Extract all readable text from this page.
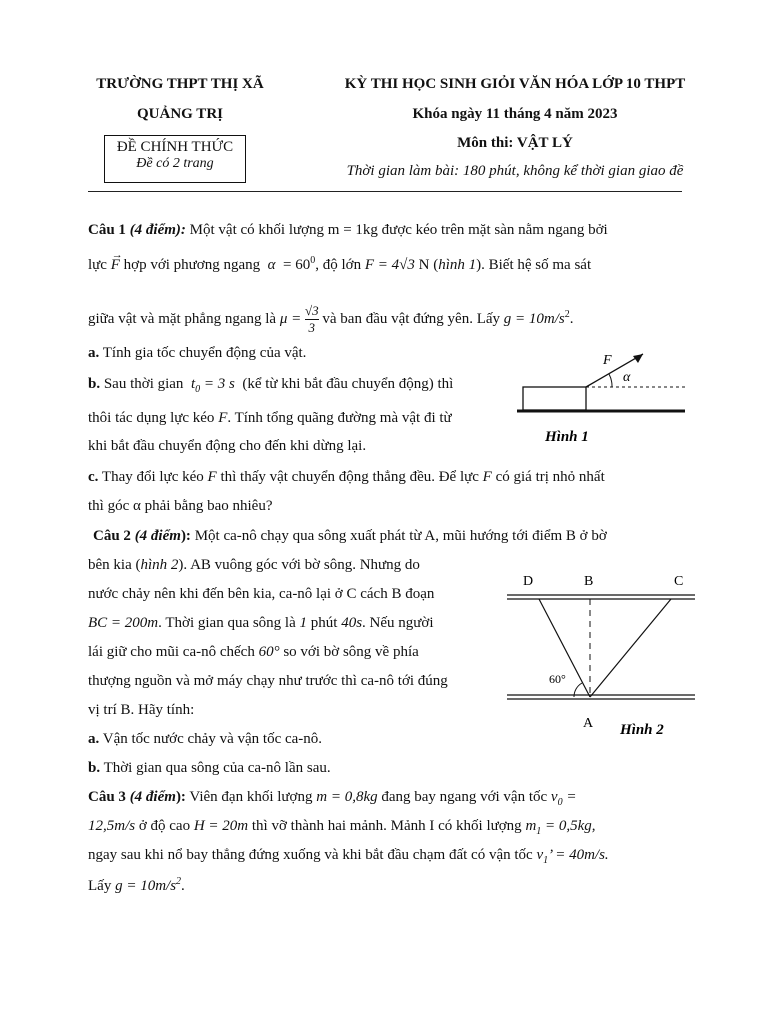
TRƯỜNG THPT THỊ XÃ
QUẢNG TRỊ
KỲ THI HỌC SINH GIỎI VĂN HÓA LỚP 10 THPT
Khóa ngày 11 tháng 4 năm 2023
Môn thi: VẬT LÝ
Thời gian làm bài: 180 phút, không kể thời gian giao đề
ĐỀ CHÍNH THỨC
Đề có 2 trang
Câu 1 (4 điểm): Một vật có khối lượng m = 1kg được kéo trên mặt sàn nằm ngang bởi
lực F
→
hợp với phương ngang  $\alpha = 60^0$, độ lớn F = 4√3 N (hình 1). Biết hệ số ma sát
giữa vật và mặt phẳng ngang là $\mu = \frac{√3}{3}$ và ban đầu vật đứng yên. Lấy $g = 10m/s^2$.
a. Tính gia tốc chuyển động của vật.
b. Sau thời gian  $t_0 = 3$ s  (kể từ khi bắt đầu chuyển động) thì
thôi tác dụng lực kéo F. Tính tổng quãng đường mà vật đi từ
khi bắt đầu chuyển động cho đến khi dừng lại.
F
α
Hình 1
c. Thay đổi lực kéo F thì thấy vật chuyển động thẳng đều. Để lực F có giá trị nhỏ nhất
thì góc α phải bằng bao nhiêu?
Câu 2 (4 điểm): Một ca-nô chạy qua sông xuất phát từ A, mũi hướng tới điểm B ở bờ
bên kia (hình 2). AB vuông góc với bờ sông. Nhưng do
nước chảy nên khi đến bên kia, ca-nô lại ở C cách B đoạn
BC = 200m. Thời gian qua sông là 1 phút 40s. Nếu người
lái giữ cho mũi ca-nô chếch 60° so với bờ sông về phía
thượng nguồn và mở máy chạy như trước thì ca-nô tới đúng
vị trí B. Hãy tính:
a. Vận tốc nước chảy và vận tốc ca-nô.
b. Thời gian qua sông của ca-nô lần sau.
D	B	C
A
60°
Hình 2
Câu 3 (4 điểm): Viên đạn khối lượng m = 0,8kg đang bay ngang với vận tốc $v_0$ =
12,5m/s ở độ cao H = 20m thì vỡ thành hai mảnh. Mảnh I có khối lượng $m_1 = 0,5kg$,
ngay sau khi nổ bay thẳng đứng xuống và khi bắt đầu chạm đất có vận tốc $v_1$’ = 40m/s.
Lấy $g = 10m/s^2$.
